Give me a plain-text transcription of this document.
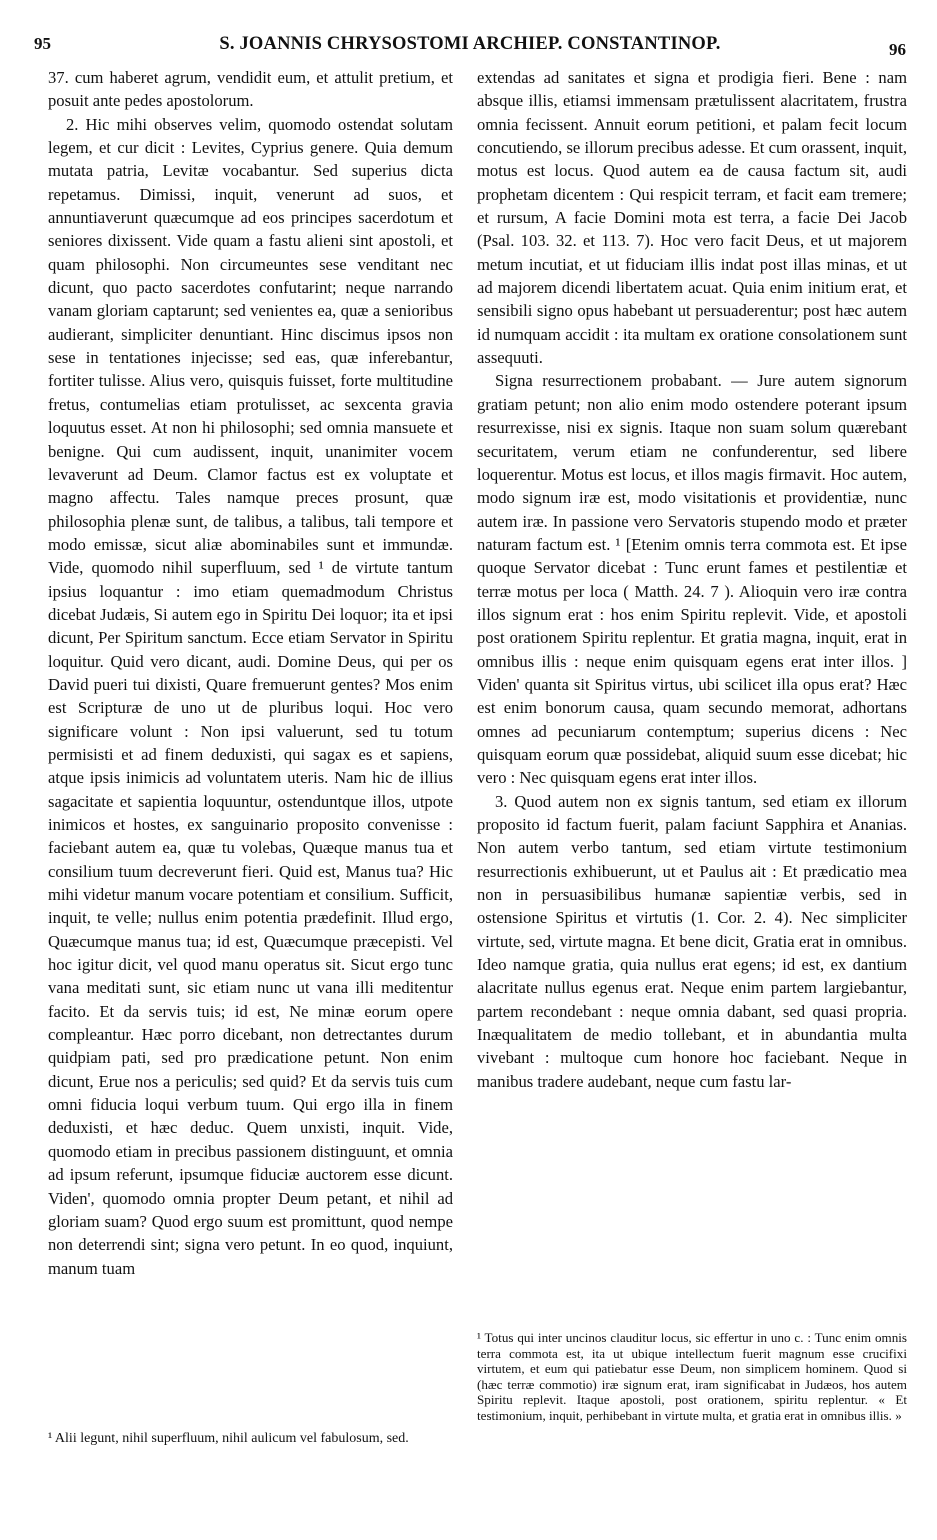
95	S. JOANNIS CHRYSOSTOMI ARCHIEP. CONSTANTINOP.	96

37. cum haberet agrum, vendidit eum, et attulit pretium, et posuit ante pedes apostolorum.

2. Hic mihi observes velim, quomodo ostendat solutam legem, et cur dicit : Levites, Cyprius genere. Quia demum mutata patria, Levitæ vocabantur. Sed superius dicta repetamus. Dimissi, inquit, venerunt ad suos, et annuntiaverunt quæcumque ad eos principes sacerdotum et seniores dixissent. Vide quam a fastu alieni sint apostoli, et quam philosophi. Non circumeuntes sese venditant nec dicunt, quo pacto sacerdotes confutarint; neque narrando vanam gloriam captarunt; sed venientes ea, quæ a senioribus audierant, simpliciter denuntiant. Hinc discimus ipsos non sese in tentationes injecisse; sed eas, quæ inferebantur, fortiter tulisse. Alius vero, quisquis fuisset, forte multitudine fretus, contumelias etiam protulisset, ac sexcenta gravia loquutus esset. At non hi philosophi; sed omnia mansuete et benigne. Qui cum audissent, inquit, unanimiter vocem levaverunt ad Deum. Clamor factus est ex voluptate et magno affectu. Tales namque preces prosunt, quæ philosophia plenæ sunt, de talibus, a talibus, tali tempore et modo emissæ, sicut aliæ abominabiles sunt et immundæ. Vide, quomodo nihil superfluum, sed ¹ de virtute tantum ipsius loquantur : imo etiam quemadmodum Christus dicebat Judæis, Si autem ego in Spiritu Dei loquor; ita et ipsi dicunt, Per Spiritum sanctum. Ecce etiam Servator in Spiritu loquitur. Quid vero dicant, audi. Domine Deus, qui per os David pueri tui dixisti, Quare fremuerunt gentes? Mos enim est Scripturæ de uno ut de pluribus loqui. Hoc vero significare volunt : Non ipsi valuerunt, sed tu totum permisisti et ad finem deduxisti, qui sagax es et sapiens, atque ipsis inimicis ad voluntatem uteris. Nam hic de illius sagacitate et sapientia loquuntur, ostenduntque illos, utpote inimicos et hostes, ex sanguinario proposito convenisse : faciebant autem ea, quæ tu volebas, Quæque manus tua et consilium tuum decreverunt fieri. Quid est, Manus tua? Hic mihi videtur manum vocare potentiam et consilium. Sufficit, inquit, te velle; nullus enim potentia prædefinit. Illud ergo, Quæcumque manus tua; id est, Quæcumque præcepisti. Vel hoc igitur dicit, vel quod manu operatus sit. Sicut ergo tunc vana meditati sunt, sic etiam nunc ut vana illi meditentur facito. Et da servis tuis; id est, Ne minæ eorum opere compleantur. Hæc porro dicebant, non detrectantes durum quidpiam pati, sed pro prædicatione petunt. Non enim dicunt, Erue nos a periculis; sed quid? Et da servis tuis cum omni fiducia loqui verbum tuum. Qui ergo illa in finem deduxisti, et hæc deduc. Quem unxisti, inquit. Vide, quomodo etiam in precibus passionem distinguunt, et omnia ad ipsum referunt, ipsumque fiduciæ auctorem esse dicunt. Viden', quomodo omnia propter Deum petant, et nihil ad gloriam suam? Quod ergo suum est promittunt, quod nempe non deterrendi sint; signa vero petunt. In eo quod, inquiunt, manum tuam

extendas ad sanitates et signa et prodigia fieri. Bene : nam absque illis, etiamsi immensam prætulissent alacritatem, frustra omnia fecissent. Annuit eorum petitioni, et palam fecit locum concutiendo, se illorum precibus adesse. Et cum orassent, inquit, motus est locus. Quod autem ea de causa factum sit, audi prophetam dicentem : Qui respicit terram, et facit eam tremere; et rursum, A facie Domini mota est terra, a facie Dei Jacob (Psal. 103. 32. et 113. 7). Hoc vero facit Deus, et ut majorem metum incutiat, et ut fiduciam illis indat post illas minas, et ut ad majorem dicendi libertatem acuat. Quia enim initium erat, et sensibili signo opus habebant ut persuaderentur; post hæc autem id numquam accidit : ita multam ex oratione consolationem sunt assequuti.

Signa resurrectionem probabant. — Jure autem signorum gratiam petunt; non alio enim modo ostendere poterant ipsum resurrexisse, nisi ex signis. Itaque non suam solum quærebant securitatem, verum etiam ne confunderentur, sed libere loquerentur. Motus est locus, et illos magis firmavit. Hoc autem, modo signum iræ est, modo visitationis et providentiæ, nunc autem iræ. In passione vero Servatoris stupendo modo et præter naturam factum est. ¹ [Etenim omnis terra commota est. Et ipse quoque Servator dicebat : Tunc erunt fames et pestilentiæ et terræ motus per loca ( Matth. 24. 7 ). Alioquin vero iræ contra illos signum erat : hos enim Spiritu replevit. Vide, et apostoli post orationem Spiritu replentur. Et gratia magna, inquit, erat in omnibus illis : neque enim quisquam egens erat inter illos. ] Viden' quanta sit Spiritus virtus, ubi scilicet illa opus erat? Hæc est enim bonorum causa, quam secundo memorat, adhortans omnes ad pecuniarum contemptum; superius dicens : Nec quisquam eorum quæ possidebat, aliquid suum esse dicebat; hic vero : Nec quisquam egens erat inter illos.

3. Quod autem non ex signis tantum, sed etiam ex illorum proposito id factum fuerit, palam faciunt Sapphira et Ananias. Non autem verbo tantum, sed etiam virtute testimonium resurrectionis exhibuerunt, ut et Paulus ait : Et prædicatio mea non in persuasibilibus humanæ sapientiæ verbis, sed in ostensione Spiritus et virtutis (1. Cor. 2. 4). Nec simpliciter virtute, sed, virtute magna. Et bene dicit, Gratia erat in omnibus. Ideo namque gratia, quia nullus erat egens; id est, ex dantium alacritate nullus egenus erat. Neque enim partem largiebantur, partem recondebant : neque omnia dabant, sed quasi propria. Inæqualitatem de medio tollebant, et in abundantia multa vivebant : multoque cum honore hoc faciebant. Neque in manibus tradere audebant, neque cum fastu lar-

¹ Alii legunt, nihil superfluum, nihil aulicum vel fabulosum, sed.

¹ Totus qui inter uncinos clauditur locus, sic effertur in uno c. : Tunc enim omnis terra commota est, ita ut ubique intellectum fuerit magnum esse crucifixi virtutem, et eum qui patiebatur esse Deum, non simplicem hominem. Quod si (hæc terræ commotio) iræ signum erat, iram significabat in Judæos, hos autem Spiritu replevit. Itaque apostoli, post orationem, spiritu replentur. « Et testimonium, inquit, perhibebant in virtute multa, et gratia erat in omnibus illis. »
